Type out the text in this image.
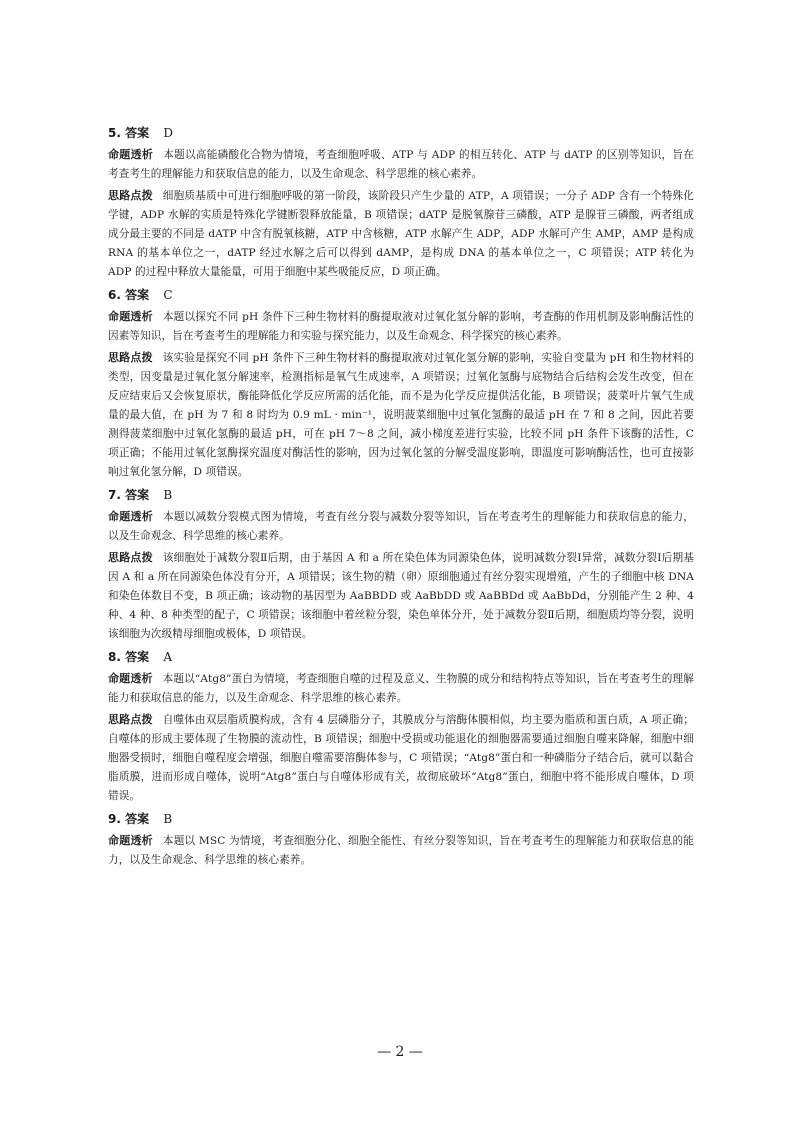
5. 答案 D

命题透析 本题以高能磷酸化合物为情境，考查细胞呼吸、ATP 与 ADP 的相互转化、ATP 与 dATP 的区别等知识，旨在考查考生的理解能力和获取信息的能力，以及生命观念、科学思维的核心素养。

思路点拨 细胞质基质中可进行细胞呼吸的第一阶段，该阶段只产生少量的 ATP，A 项错误；一分子 ADP 含有一个特殊化学键，ADP 水解的实质是特殊化学键断裂释放能量，B 项错误；dATP 是脱氧腺苷三磷酸，ATP 是腺苷三磷酸，两者组成成分最主要的不同是 dATP 中含有脱氧核糖，ATP 中含核糖，ATP 水解产生 ADP，ADP 水解可产生 AMP，AMP 是构成 RNA 的基本单位之一，dATP 经过水解之后可以得到 dAMP，是构成 DNA 的基本单位之一，C 项错误；ATP 转化为 ADP 的过程中释放大量能量，可用于细胞中某些吸能反应，D 项正确。

6. 答案 C

命题透析 本题以探究不同 pH 条件下三种生物材料的酶提取液对过氧化氢分解的影响，考查酶的作用机制及影响酶活性的因素等知识，旨在考查考生的理解能力和实验与探究能力，以及生命观念、科学探究的核心素养。

思路点拨 该实验是探究不同 pH 条件下三种生物材料的酶提取液对过氧化氢分解的影响，实验自变量为 pH 和生物材料的类型，因变量是过氧化氢分解速率，检测指标是氧气生成速率，A 项错误；过氧化氢酶与底物结合后结构会发生改变，但在反应结束后又会恢复原状，酶能降低化学反应所需的活化能，而不是为化学反应提供活化能，B 项错误；菠菜叶片氧气生成量的最大值，在 pH 为 7 和 8 时均为 0.9 mL · min⁻¹，说明菠菜细胞中过氧化氢酶的最适 pH 在 7 和 8 之间，因此若要测得菠菜细胞中过氧化氢酶的最适 pH，可在 pH 7～8 之间，减小梯度差进行实验，比较不同 pH 条件下该酶的活性，C 项正确；不能用过氧化氢酶探究温度对酶活性的影响，因为过氧化氢的分解受温度影响，即温度可影响酶活性，也可直接影响过氧化氢分解，D 项错误。

7. 答案 B

命题透析 本题以减数分裂模式图为情境，考查有丝分裂与减数分裂等知识，旨在考查考生的理解能力和获取信息的能力，以及生命观念、科学思维的核心素养。

思路点拨 该细胞处于减数分裂Ⅱ后期，由于基因 A 和 a 所在染色体为同源染色体，说明减数分裂Ⅰ异常，减数分裂Ⅰ后期基因 A 和 a 所在同源染色体没有分开，A 项错误；该生物的精（卵）原细胞通过有丝分裂实现增殖，产生的子细胞中核 DNA 和染色体数目不变，B 项正确；该动物的基因型为 AaBBDD 或 AaBbDD 或 AaBBDd 或 AaBbDd，分别能产生 2 种、4 种、4 种、8 种类型的配子，C 项错误；该细胞中着丝粒分裂，染色单体分开，处于减数分裂Ⅱ后期，细胞质均等分裂，说明该细胞为次级精母细胞或极体，D 项错误。

8. 答案 A

命题透析 本题以“Atg8”蛋白为情境，考查细胞自噬的过程及意义、生物膜的成分和结构特点等知识，旨在考查考生的理解能力和获取信息的能力，以及生命观念、科学思维的核心素养。

思路点拨 自噬体由双层脂质膜构成，含有 4 层磷脂分子，其膜成分与溶酶体膜相似，均主要为脂质和蛋白质，A 项正确；自噬体的形成主要体现了生物膜的流动性，B 项错误；细胞中受损或功能退化的细胞器需要通过细胞自噬来降解，细胞中细胞器受损时，细胞自噬程度会增强，细胞自噬需要溶酶体参与，C 项错误；“Atg8”蛋白和一种磷脂分子结合后，就可以黏合脂质膜，进而形成自噬体，说明“Atg8”蛋白与自噬体形成有关，故彻底破坏“Atg8”蛋白，细胞中将不能形成自噬体，D 项错误。

9. 答案 B

命题透析 本题以 MSC 为情境，考查细胞分化、细胞全能性、有丝分裂等知识，旨在考查考生的理解能力和获取信息的能力，以及生命观念、科学思维的核心素养。

— 2 —
